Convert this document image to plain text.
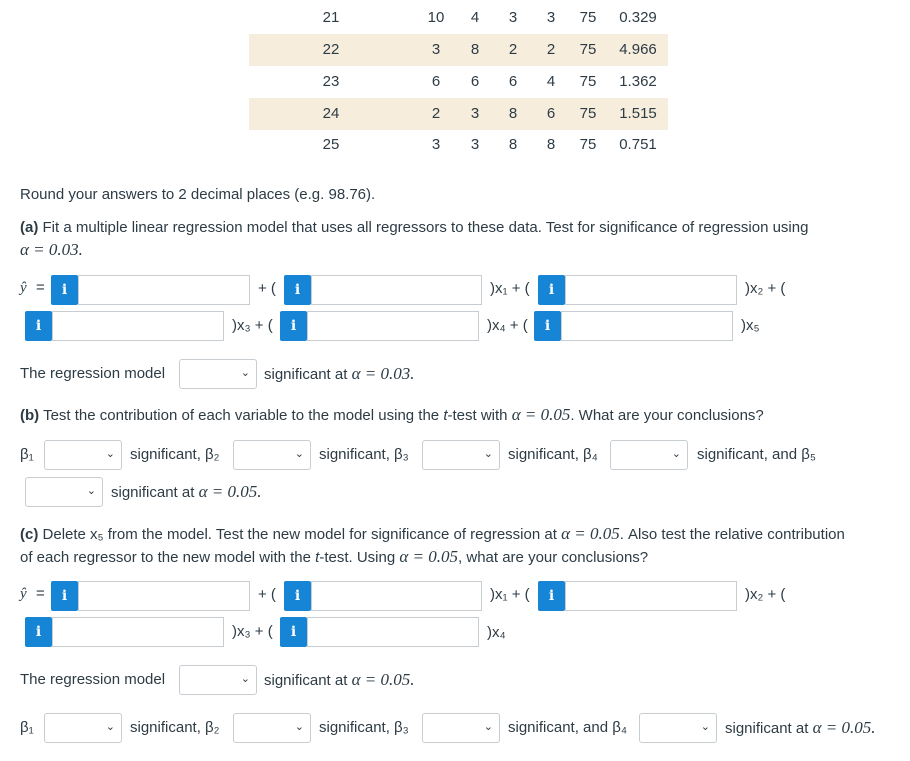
21	10	4	3	3	75	0.329
22	3	8	2	2	75	4.966
23	6	6	6	4	75	1.362
24	2	3	8	6	75	1.515
25	3	3	8	8	75	0.751
Round your answers to 2 decimal places (e.g. 98.76).
(a) Fit a multiple linear regression model that uses all regressors to these data. Test for significance of regression using
α = 0.03.
ŷ =	i	+ (	i	)x₁ + (	i	)x₂ + (
i	)x₃ + (	i	)x₄ + (	i	)x₅
The regression model	⌄ significant at α = 0.03.
(b) Test the contribution of each variable to the model using the t-test with α = 0.05. What are your conclusions?
β₁	⌄ significant, β₂	⌄ significant, β₃	⌄ significant, β₄	⌄ significant, and β₅
⌄ significant at α = 0.05.
(c) Delete x₅ from the model. Test the new model for significance of regression at α = 0.05. Also test the relative contribution
of each regressor to the new model with the t-test. Using α = 0.05, what are your conclusions?
ŷ =	i	+ (	i	)x₁ + (	i	)x₂ + (
i	)x₃ + (	i	)x₄
The regression model	⌄ significant at α = 0.05.
β₁	⌄ significant, β₂	⌄ significant, β₃	⌄ significant, and β₄	⌄ significant at α = 0.05.
